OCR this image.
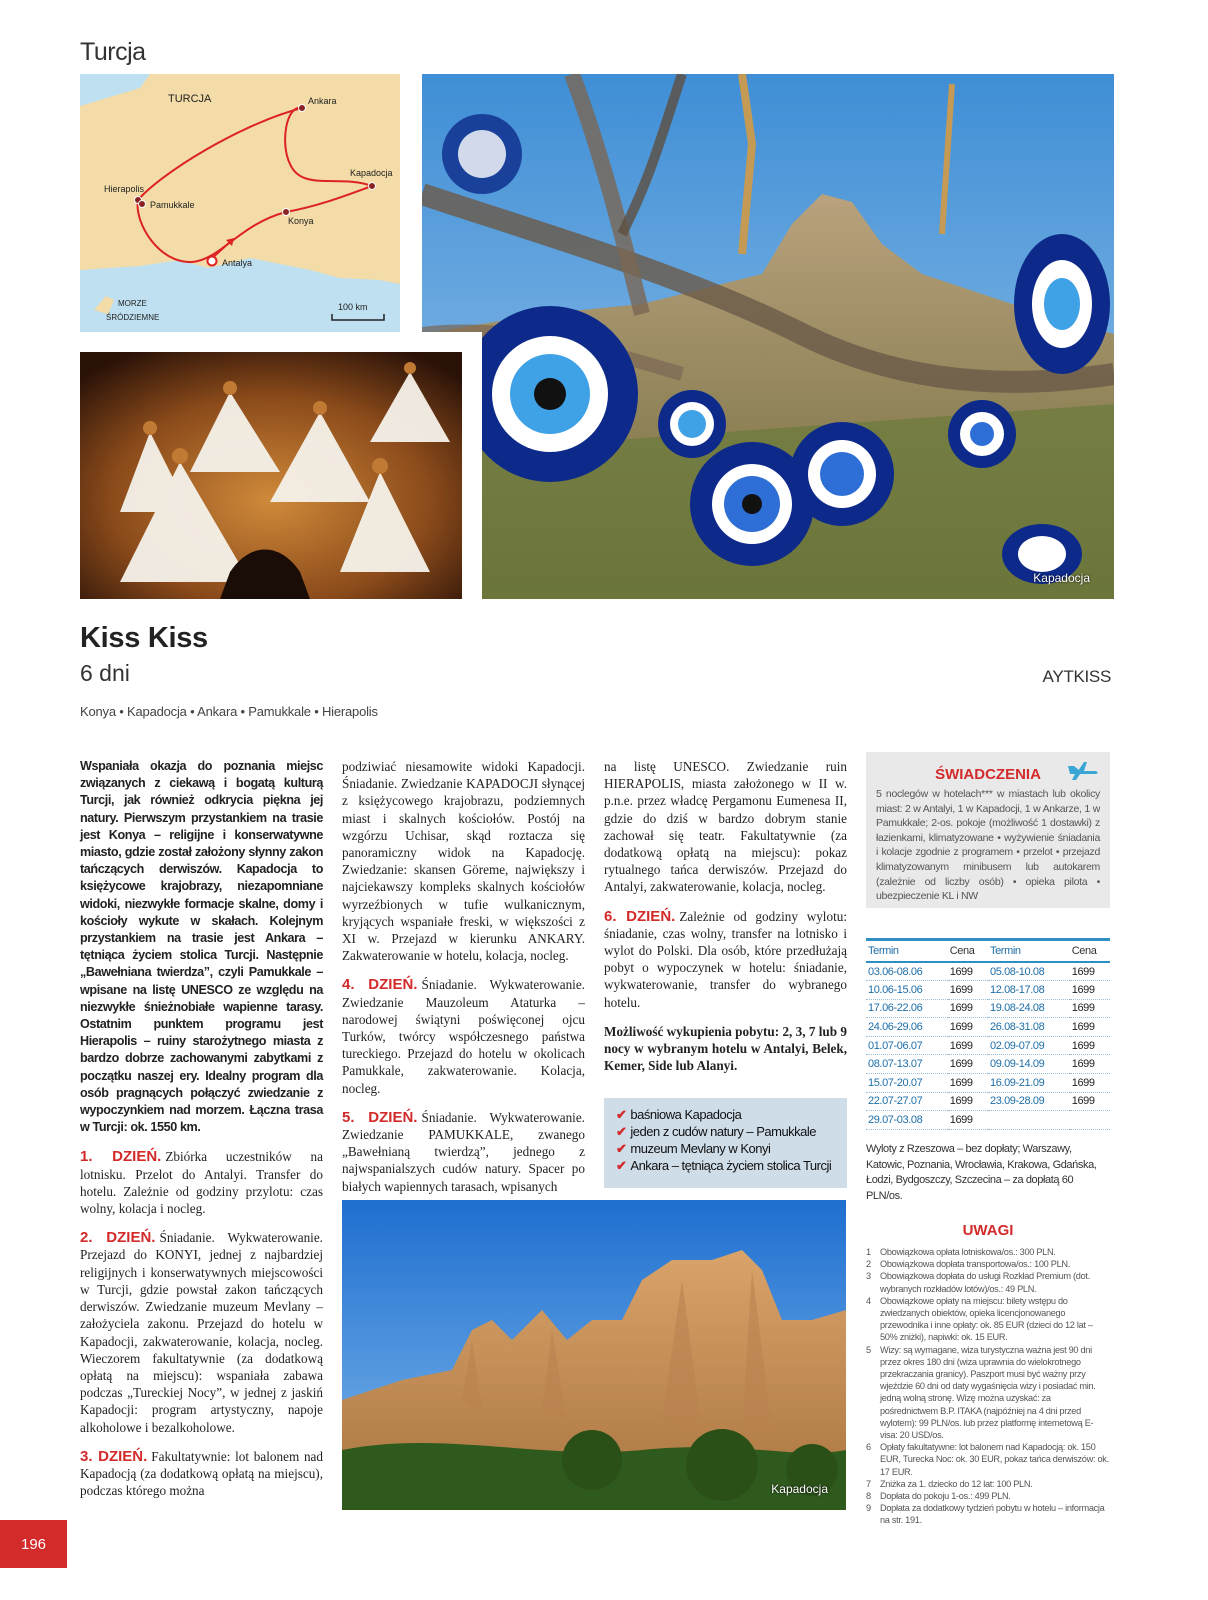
Turcja
TURCJA	Ankara
Kapadocja
Konya
Antalya
Hierapolis
Pamukkale
MORZE
ŚRÓDZIEMNE
100 km
Kapadocja
Kiss Kiss
6 dni	AYTKISS
Konya • Kapadocja • Ankara • Pamukkale • Hierapolis

Wspaniała okazja do poznania miejsc związanych z ciekawą i bogatą kulturą Turcji, jak również odkrycia piękna jej natury. Pierwszym przystankiem na trasie jest Konya – religijne i konserwatywne miasto, gdzie został założony słynny zakon tańczących derwiszów. Kapadocja to księżycowe krajobrazy, niezapomniane widoki, niezwykłe formacje skalne, domy i kościoły wykute w skałach. Kolejnym przystankiem na trasie jest Ankara – tętniąca życiem stolica Turcji. Następnie „Bawełniana twierdza”, czyli Pamukkale – wpisane na listę UNESCO ze względu na niezwykłe śnieżnobiałe wapienne tarasy. Ostatnim punktem programu jest Hierapolis – ruiny starożytnego miasta z bardzo dobrze zachowanymi zabytkami z początku naszej ery. Idealny program dla osób pragnących połączyć zwiedzanie z wypoczynkiem nad morzem. Łączna trasa w Turcji: ok. 1550 km.

1. DZIEŃ. Zbiórka uczestników na lotnisku. Przelot do Antalyi. Transfer do hotelu. Zależnie od godziny przylotu: czas wolny, kolacja i nocleg.

2. DZIEŃ. Śniadanie. Wykwaterowanie. Przejazd do KONYI, jednej z najbardziej religijnych i konserwatywnych miejscowości w Turcji, gdzie powstał zakon tańczących derwiszów. Zwiedzanie muzeum Mevlany – założyciela zakonu. Przejazd do hotelu w Kapadocji, zakwaterowanie, kolacja, nocleg. Wieczorem fakultatywnie (za dodatkową opłatą na miejscu): wspaniała zabawa podczas „Tureckiej Nocy”, w jednej z jaskiń Kapadocji: program artystyczny, napoje alkoholowe i bezalkoholowe.

3. DZIEŃ. Fakultatywnie: lot balonem nad Kapadocją (za dodatkową opłatą na miejscu), podczas którego można

podziwiać niesamowite widoki Kapadocji. Śniadanie. Zwiedzanie KAPADOCJI słynącej z księżycowego krajobrazu, podziemnych miast i skalnych kościołów. Postój na wzgórzu Uchisar, skąd roztacza się panoramiczny widok na Kapadocję. Zwiedzanie: skansen Göreme, największy i najciekawszy kompleks skalnych kościołów wyrzeźbionych w tufie wulkanicznym, kryjących wspaniałe freski, w większości z XI w. Przejazd w kierunku ANKARY. Zakwaterowanie w hotelu, kolacja, nocleg.

4. DZIEŃ. Śniadanie. Wykwaterowanie. Zwiedzanie Mauzoleum Ataturka – narodowej świątyni poświęconej ojcu Turków, twórcy współczesnego państwa tureckiego. Przejazd do hotelu w okolicach Pamukkale, zakwaterowanie. Kolacja, nocleg.

5. DZIEŃ. Śniadanie. Wykwaterowanie. Zwiedzanie PAMUKKALE, zwanego „Bawełnianą twierdzą”, jednego z najwspanialszych cudów natury. Spacer po białych wapiennych tarasach, wpisanych

na listę UNESCO. Zwiedzanie ruin HIERAPOLIS, miasta założonego w II w. p.n.e. przez władcę Pergamonu Eumenesa II, gdzie do dziś w bardzo dobrym stanie zachował się teatr. Fakultatywnie (za dodatkową opłatą na miejscu): pokaz rytualnego tańca derwiszów. Przejazd do Antalyi, zakwaterowanie, kolacja, nocleg.

6. DZIEŃ. Zależnie od godziny wylotu: śniadanie, czas wolny, transfer na lotnisko i wylot do Polski. Dla osób, które przedłużają pobyt o wypoczynek w hotelu: śniadanie, wykwaterowanie, transfer do wybranego hotelu.

Możliwość wykupienia pobytu: 2, 3, 7 lub 9 nocy w wybranym hotelu w Antalyi, Belek, Kemer, Side lub Alanyi.

✔ baśniowa Kapadocja
✔ jeden z cudów natury – Pamukkale
✔ muzeum Mevlany w Konyi
✔ Ankara – tętniąca życiem stolica Turcji
Kapadocja
ŚWIADCZENIA
5 noclegów w hotelach*** w miastach lub okolicy miast: 2 w Antalyi, 1 w Kapadocji, 1 w Ankarze, 1 w Pamukkale; 2-os. pokoje (możliwość 1 dostawki) z łazienkami, klimatyzowane • wyżywienie śniadania i kolacje zgodnie z programem • przelot • przejazd klimatyzowanym minibusem lub autokarem (zależnie od liczby osób) • opieka pilota • ubezpieczenie KL i NW
Termin	Cena	Termin	Cena
03.06-08.06	1699	05.08-10.08	1699
10.06-15.06	1699	12.08-17.08	1699
17.06-22.06	1699	19.08-24.08	1699
24.06-29.06	1699	26.08-31.08	1699
01.07-06.07	1699	02.09-07.09	1699
08.07-13.07	1699	09.09-14.09	1699
15.07-20.07	1699	16.09-21.09	1699
22.07-27.07	1699	23.09-28.09	1699
29.07-03.08	1699		
Wyloty z Rzeszowa – bez dopłaty; Warszawy, Katowic, Poznania, Wrocławia, Krakowa, Gdańska, Łodzi, Bydgoszczy, Szczecina – za dopłatą 60 PLN/os.
UWAGI
1 Obowiązkowa opłata lotniskowa/os.: 300 PLN.
2 Obowiązkowa dopłata transportowa/os.: 100 PLN.
3 Obowiązkowa dopłata do usługi Rozkład Premium (dot. wybranych rozkładów lotów)/os.: 49 PLN.
4 Obowiązkowe opłaty na miejscu: bilety wstępu do zwiedzanych obiektów, opieka licencjonowanego przewodnika i inne opłaty: ok. 85 EUR (dzieci do 12 lat – 50% zniżki), napiwki: ok. 15 EUR.
5 Wizy: są wymagane, wiza turystyczna ważna jest 90 dni przez okres 180 dni (wiza uprawnia do wielokrotnego przekraczania granicy). Paszport musi być ważny przy wjeździe 60 dni od daty wygaśnięcia wizy i posiadać min. jedną wolną stronę. Wizę można uzyskać: za pośrednictwem B.P. ITAKA (najpóźniej na 4 dni przed wylotem): 99 PLN/os. lub przez platformę internetową E-visa: 20 USD/os.
6 Opłaty fakultatywne: lot balonem nad Kapadocją: ok. 150 EUR, Turecka Noc: ok. 30 EUR, pokaz tańca derwiszów: ok. 17 EUR.
7 Zniżka za 1. dziecko do 12 lat: 100 PLN.
8 Dopłata do pokoju 1-os.: 499 PLN.
9 Dopłata za dodatkowy tydzień pobytu w hotelu – informacja na str. 191.
196
